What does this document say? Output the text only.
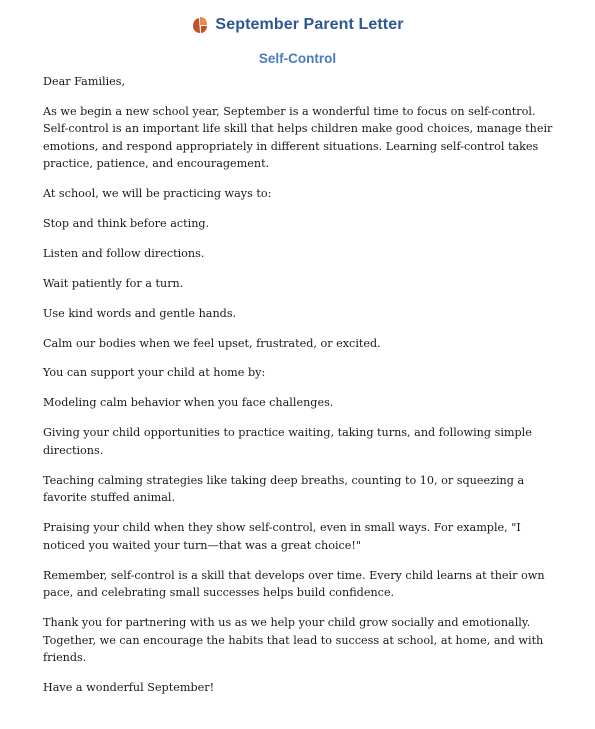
September Parent Letter
Self-Control

Dear Families,

As we begin a new school year, September is a wonderful time to focus on self-control. Self-control is an important life skill that helps children make good choices, manage their emotions, and respond appropriately in different situations. Learning self-control takes practice, patience, and encouragement.

At school, we will be practicing ways to:

Stop and think before acting.

Listen and follow directions.

Wait patiently for a turn.

Use kind words and gentle hands.

Calm our bodies when we feel upset, frustrated, or excited.

You can support your child at home by:

Modeling calm behavior when you face challenges.

Giving your child opportunities to practice waiting, taking turns, and following simple directions.

Teaching calming strategies like taking deep breaths, counting to 10, or squeezing a favorite stuffed animal.

Praising your child when they show self-control, even in small ways. For example, "I noticed you waited your turn—that was a great choice!"

Remember, self-control is a skill that develops over time. Every child learns at their own pace, and celebrating small successes helps build confidence.

Thank you for partnering with us as we help your child grow socially and emotionally. Together, we can encourage the habits that lead to success at school, at home, and with friends.

Have a wonderful September!
